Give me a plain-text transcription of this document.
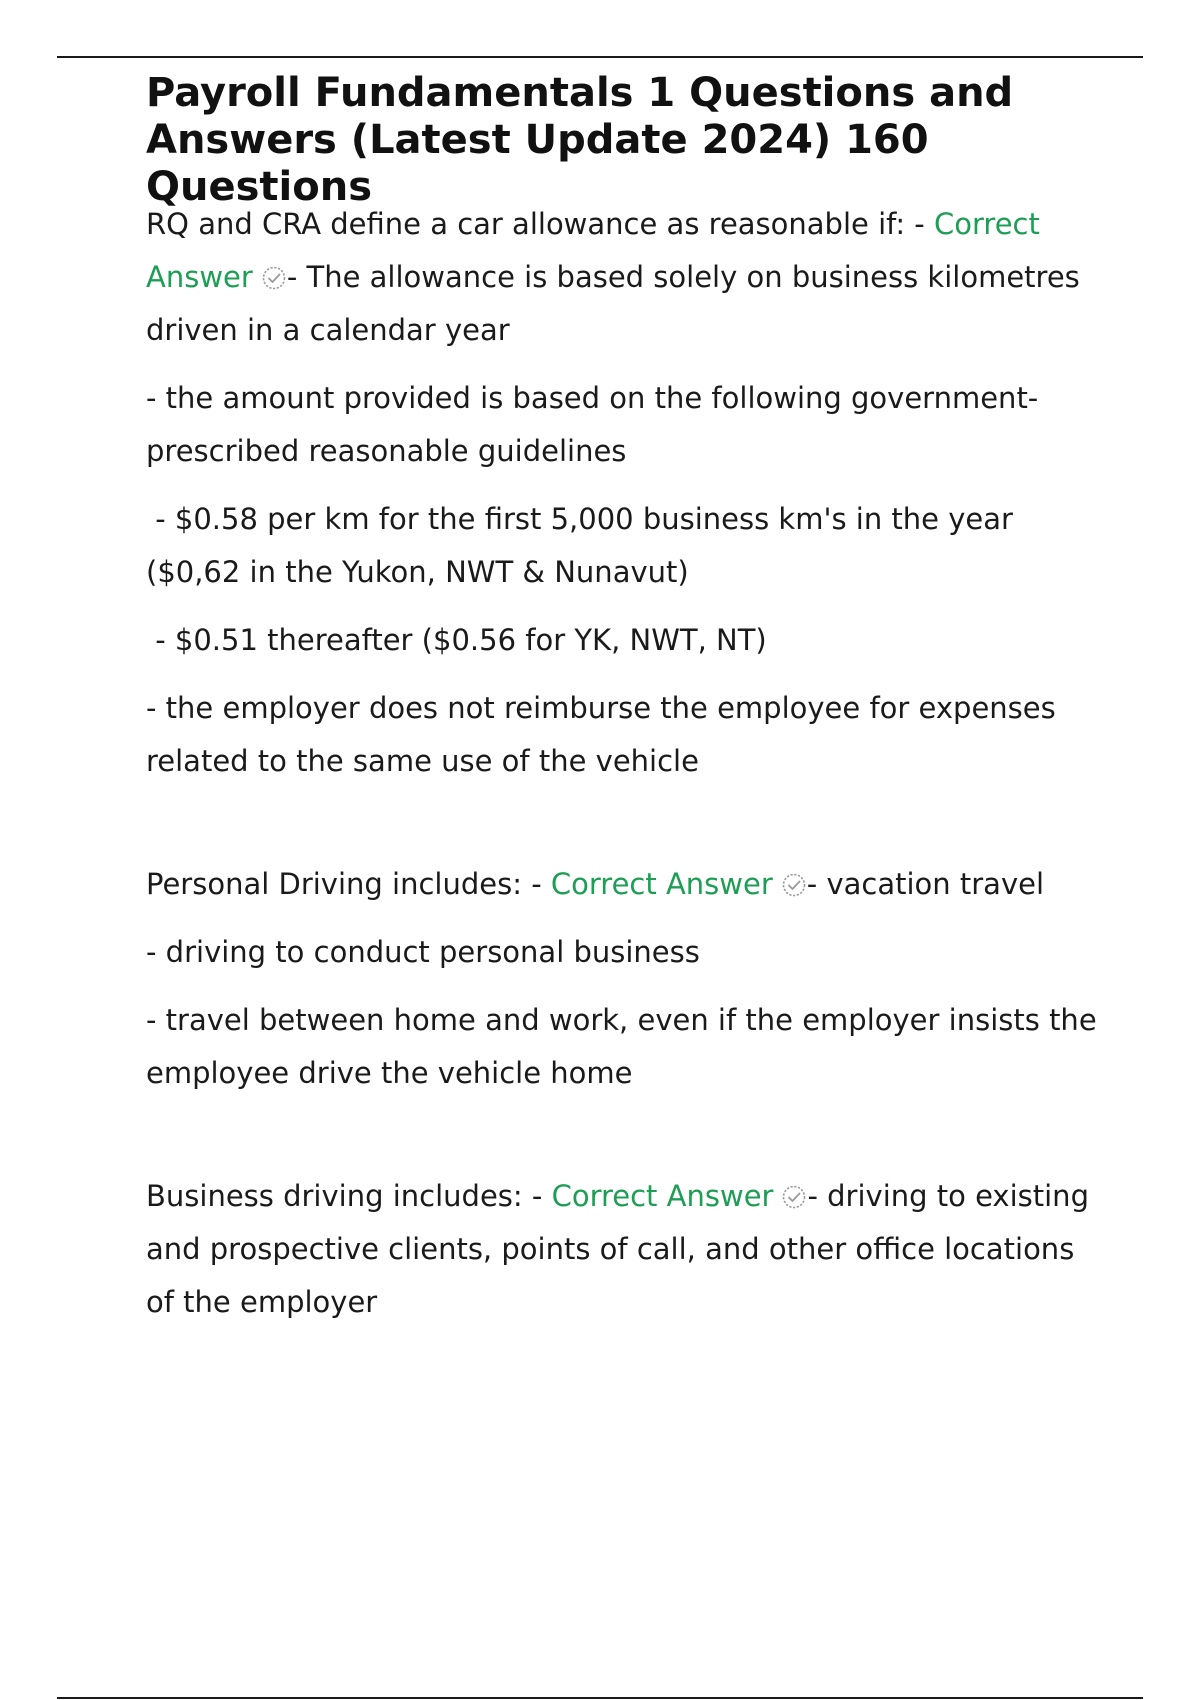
Payroll Fundamentals 1 Questions and Answers (Latest Update 2024) 160 Questions

RQ and CRA define a car allowance as reasonable if: - Correct Answer - The allowance is based solely on business kilometres driven in a calendar year

- the amount provided is based on the following government-prescribed reasonable guidelines

- $0.58 per km for the first 5,000 business km's in the year ($0,62 in the Yukon, NWT & Nunavut)

- $0.51 thereafter ($0.56 for YK, NWT, NT)

- the employer does not reimburse the employee for expenses related to the same use of the vehicle

Personal Driving includes: - Correct Answer - vacation travel

- driving to conduct personal business

- travel between home and work, even if the employer insists the employee drive the vehicle home

Business driving includes: - Correct Answer - driving to existing and prospective clients, points of call, and other office locations of the employer
